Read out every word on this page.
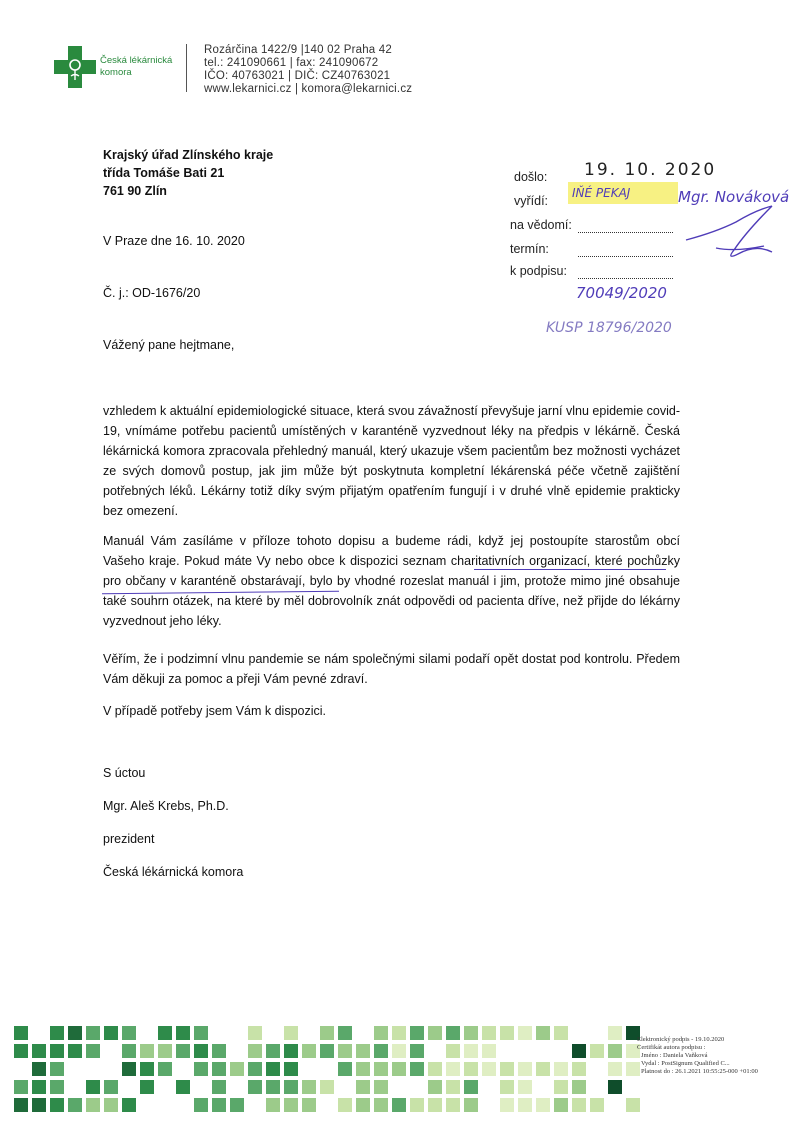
Česká lékárnická komora
Rozárčina 1422/9 |140 02 Praha 42
tel.: 241090661 | fax: 241090672
IČO: 40763021 | DIČ: CZ40763021
www.lekarnici.cz | komora@lekarnici.cz
Krajský úřad Zlínského kraje
třída Tomáše Bati 21
761 90 Zlín
V Praze dne 16. 10. 2020
Č. j.: OD-1676/20
došlo: 19. 10. 2020
vyřídí:
IŇÉ PEKAJ	Mgr. Nováková
na vědomí:
termín:
k podpisu:
70049/2020
KUSP 18796/2020
Vážený pane hejtmane,

vzhledem k aktuální epidemiologické situace, která svou závažností převyšuje jarní vlnu epidemie covid-19, vnímáme potřebu pacientů umístěných v karanténě vyzvednout léky na předpis v lékárně. Česká lékárnická komora zpracovala přehledný manuál, který ukazuje všem pacientům bez možnosti vycházet ze svých domovů postup, jak jim může být poskytnuta kompletní lékárenská péče včetně zajištění potřebných léků. Lékárny totiž díky svým přijatým opatřením fungují i v druhé vlně epidemie prakticky bez omezení.

Manuál Vám zasíláme v příloze tohoto dopisu a budeme rádi, když jej postoupíte starostům obcí Vašeho kraje. Pokud máte Vy nebo obce k dispozici seznam charitativních organizací, které pochůzky pro občany v karanténě obstarávají, bylo by vhodné rozeslat manuál i jim, protože mimo jiné obsahuje také souhrn otázek, na které by měl dobrovolník znát odpovědi od pacienta dříve, než přijde do lékárny vyzvednout jeho léky.

Věřím, že i podzimní vlnu pandemie se nám společnými silami podaří opět dostat pod kontrolu. Předem Vám děkuji za pomoc a přeji Vám pevné zdraví.

V případě potřeby jsem Vám k dispozici.

S úctou
Mgr. Aleš Krebs, Ph.D.
prezident
Česká lékárnická komora
Elektronický podpis - 19.10.2020
Certifikát autora podpisu :
Jméno : Daniela Vaňková
Vydal : PostSignum Qualified C...
Platnost do : 26.1.2021 10:55:25-000 +01:00
